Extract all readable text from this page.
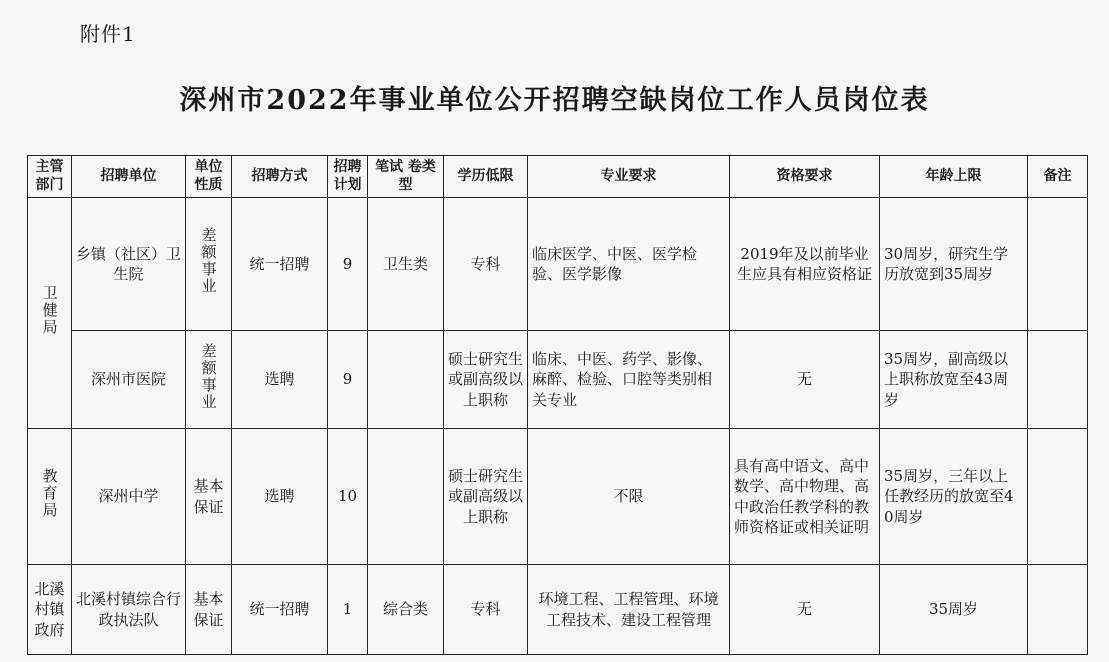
附件1
深州市2022年事业单位公开招聘空缺岗位工作人员岗位表
主管部门	招聘单位	单位性质	招聘方式	招聘计划	笔试 卷类型	学历低限	专业要求	资格要求	年龄上限	备注
卫健局	乡镇（社区）卫生院	差额事业	统一招聘	9	卫生类	专科	临床医学、中医、医学检验、医学影像	2019年及以前毕业生应具有相应资格证	30周岁，研究生学历放宽到35周岁	
	深州市医院	差额事业	选聘	9		硕士研究生或副高级以上职称	临床、中医、药学、影像、麻醉、检验、口腔等类别相关专业	无	35周岁，副高级以上职称放宽至43周岁	
教育局	深州中学	基本保证	选聘	10		硕士研究生或副高级以上职称	不限	具有高中语文、高中数学、高中物理、高中政治任教学科的教师资格证或相关证明	35周岁，三年以上任教经历的放宽至40周岁	
北溪村镇政府	北溪村镇综合行政执法队	基本保证	统一招聘	1	综合类	专科	环境工程、工程管理、环境工程技术、建设工程管理	无	35周岁	
